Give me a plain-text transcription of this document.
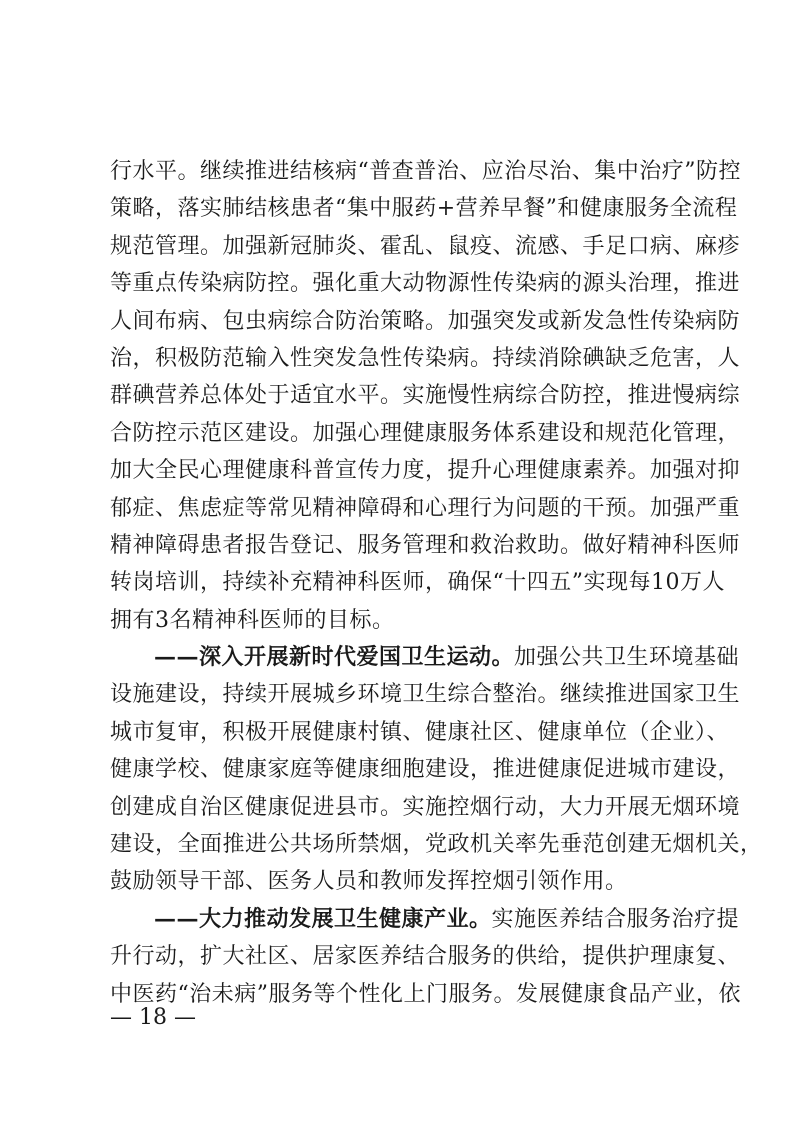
行水平。继续推进结核病“普查普治、应治尽治、集中治疗”防控
策略，落实肺结核患者“集中服药+营养早餐”和健康服务全流程
规范管理。加强新冠肺炎、霍乱、鼠疫、流感、手足口病、麻疹
等重点传染病防控。强化重大动物源性传染病的源头治理，推进
人间布病、包虫病综合防治策略。加强突发或新发急性传染病防
治，积极防范输入性突发急性传染病。持续消除碘缺乏危害，人
群碘营养总体处于适宜水平。实施慢性病综合防控，推进慢病综
合防控示范区建设。加强心理健康服务体系建设和规范化管理，
加大全民心理健康科普宣传力度，提升心理健康素养。加强对抑
郁症、焦虑症等常见精神障碍和心理行为问题的干预。加强严重
精神障碍患者报告登记、服务管理和救治救助。做好精神科医师
转岗培训，持续补充精神科医师，确保“十四五”实现每10万人
拥有3名精神科医师的目标。
——深入开展新时代爱国卫生运动。加强公共卫生环境基础
设施建设，持续开展城乡环境卫生综合整治。继续推进国家卫生
城市复审，积极开展健康村镇、健康社区、健康单位（企业）、
健康学校、健康家庭等健康细胞建设，推进健康促进城市建设，
创建成自治区健康促进县市。实施控烟行动，大力开展无烟环境
建设，全面推进公共场所禁烟，党政机关率先垂范创建无烟机关，
鼓励领导干部、医务人员和教师发挥控烟引领作用。
——大力推动发展卫生健康产业。实施医养结合服务治疗提
升行动，扩大社区、居家医养结合服务的供给，提供护理康复、
中医药“治未病”服务等个性化上门服务。发展健康食品产业，依
— 18 —
